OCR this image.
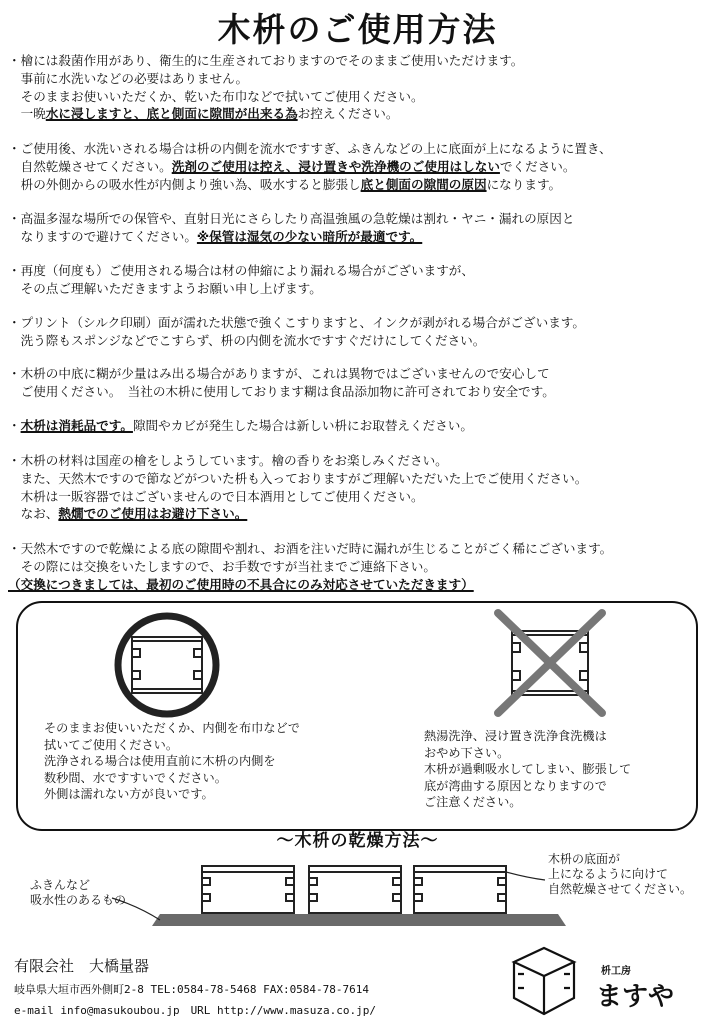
木枡のご使用方法
・檜には殺菌作用があり、衛生的に生産されておりますのでそのままご使用いただけます。
　事前に水洗いなどの必要はありません。
　そのままお使いいただくか、乾いた布巾などで拭いてご使用ください。
　一晩水に浸しますと、底と側面に隙間が出来る為お控えください。
・ご使用後、水洗いされる場合は枡の内側を流水ですすぎ、ふきんなどの上に底面が上になるように置き、
　自然乾燥させてください。洗剤のご使用は控え、浸け置きや洗浄機のご使用はしないでください。
　枡の外側からの吸水性が内側より強い為、吸水すると膨張し底と側面の隙間の原因になります。
・高温多湿な場所での保管や、直射日光にさらしたり高温強風の急乾燥は割れ・ヤニ・漏れの原因と
　なりますので避けてください。※保管は湿気の少ない暗所が最適です。
・再度（何度も）ご使用される場合は材の伸縮により漏れる場合がございますが、
　その点ご理解いただきますようお願い申し上げます。
・プリント（シルク印刷）面が濡れた状態で強くこすりますと、インクが剥がれる場合がございます。
　洗う際もスポンジなどでこすらず、枡の内側を流水ですすぐだけにしてください。
・木枡の中底に糊が少量はみ出る場合がありますが、これは異物ではございませんので安心して
　ご使用ください。　当社の木枡に使用しております糊は食品添加物に許可されており安全です。
・木枡は消耗品です。隙間やカビが発生した場合は新しい枡にお取替えください。
・木枡の材料は国産の檜をしようしています。檜の香りをお楽しみください。
　また、天然木ですので節などがついた枡も入っておりますがご理解いただいた上でご使用ください。
　木枡は一販容器ではございませんので日本酒用としてご使用ください。
　なお、熱燗でのご使用はお避け下さい。
・天然木ですので乾燥による底の隙間や割れ、お酒を注いだ時に漏れが生じることがごく稀にございます。
　その際には交換をいたしますので、お手数ですが当社までご連絡下さい。
（交換につきましては、最初のご使用時の不具合にのみ対応させていただきます）
そのままお使いいただくか、内側を布巾などで
拭いてご使用ください。
洗浄される場合は使用直前に木枡の内側を
数秒間、水ですすいでください。
外側は濡れない方が良いです。
熱湯洗浄、浸け置き洗浄食洗機は
おやめ下さい。
木枡が過剰吸水してしまい、膨張して
底が湾曲する原因となりますので
ご注意ください。
～木枡の乾燥方法～
ふきんなど
吸水性のあるもの
木枡の底面が
上になるように向けて
自然乾燥させてください。
有限会社　大橋量器
岐阜県大垣市西外側町2-8 TEL:0584-78-5468 FAX:0584-78-7614
e-mail info@masukoubou.jp　URL http://www.masuza.co.jp/
枡工房
ますや
